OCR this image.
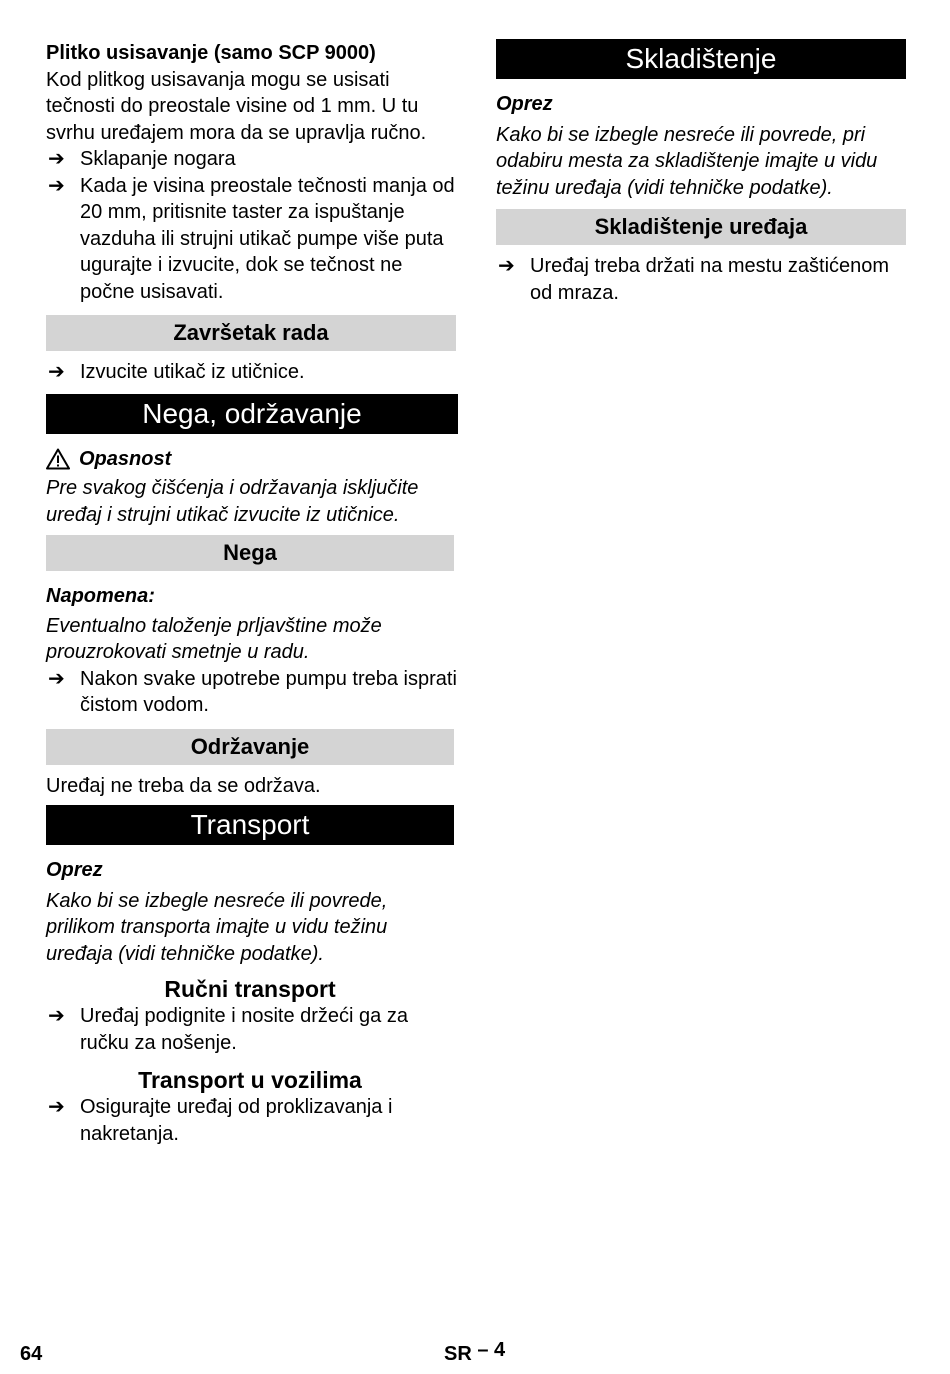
Plitko usisavanje (samo SCP 9000)

Kod plitkog usisavanja mogu se usisati tečnosti do preostale visine od 1 mm. U tu svrhu uređajem mora da se upravlja ručno.

➔ Sklapanje nogara
➔ Kada je visina preostale tečnosti manja od 20 mm, pritisnite taster za ispuštanje vazduha ili strujni utikač pumpe više puta ugurajte i izvucite, dok se tečnost ne počne usisavati.
Završetak rada
➔ Izvucite utikač iz utičnice.
Nega, održavanje
Opasnost

Pre svakog čišćenja i održavanja isključite uređaj i strujni utikač izvucite iz utičnice.

Nega

Napomena:

Eventualno taloženje prljavštine može prouzrokovati smetnje u radu.

➔ Nakon svake upotrebe pumpu treba isprati čistom vodom.
Održavanje

Uređaj ne treba da se održava.

Transport

Oprez

Kako bi se izbegle nesreće ili povrede, prilikom transporta imajte u vidu težinu uređaja (vidi tehničke podatke).

Ručni transport
➔ Uređaj podignite i nosite držeći ga za ručku za nošenje.
Transport u vozilima
➔ Osigurajte uređaj od proklizavanja i nakretanja.
Skladištenje

Oprez

Kako bi se izbegle nesreće ili povrede, pri odabiru mesta za skladištenje imajte u vidu težinu uređaja (vidi tehničke podatke).

Skladištenje uređaja
➔ Uređaj treba držati na mestu zaštićenom od mraza.
64	SR – 4
